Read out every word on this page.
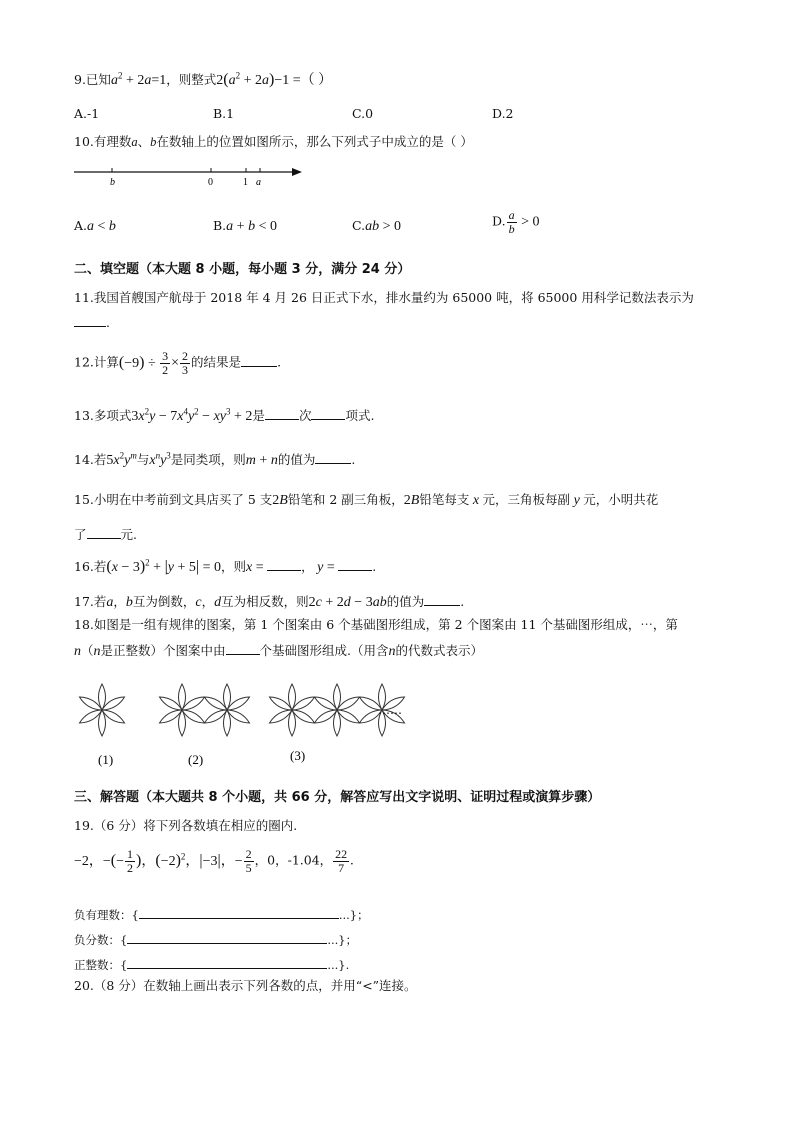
9.已知$a^2 + 2a=1$，则整式$2(a^2 + 2a)-1$ =（ ）
A.-1	B.1	C.0	D.2
10.有理数a、b在数轴上的位置如图所示，那么下列式子中成立的是（ ）
b	0	1 a
A.a < b	B.a + b < 0	C.ab > 0	D. $\frac{a}{b} > 0$
二、填空题（本大题 8 小题，每小题 3 分，满分 24 分）
11.我国首艘国产航母于 2018 年 4 月 26 日正式下水，排水量约为 65000 吨，将 65000 用科学记数法表示为
.
12.计算$(-9) \div \frac{3}{2} \times \frac{2}{3}$ 的结果是	.
13.多项式$3x^2y - 7x^4y^2 - xy^3 + 2$是	次	项式.
14.若$5x^2y^m$与$x^ny^3$是同类项，则m + n的值为	.
15.小明在中考前到文具店买了 5 支2B铅笔和 2 副三角板，2B铅笔每支 x 元，三角板每副 y 元，小明共花
了	元.
16.若$(x - 3)^2 + |y + 5| = 0$，则x =	， y =	.
17.若a，b互为倒数，c，d互为相反数，则2c + 2d − 3ab的值为	.
18.如图是一组有规律的图案，第 1 个图案由 6 个基础图形组成，第 2 个图案由 11 个基础图形组成，⋯，第
n（n是正整数）个图案中由	个基础图形组成.（用含n的代数式表示）
(1)	(2)	(3)
……
三、解答题（本大题共 8 个小题，共 66 分，解答应写出文字说明、证明过程或演算步骤）
19.（6 分）将下列各数填在相应的圈内.
−2，−(− $\frac{1}{2}$ )，$(-2)^2$，|−3|，− $\frac{2}{5}$ ，0，-1.04， $\frac{22}{7}$ .
负有理数：{	...}；
负分数：{	...}；
正整数：{	...}.
20.（8 分）在数轴上画出表示下列各数的点，并用“<”连接。
